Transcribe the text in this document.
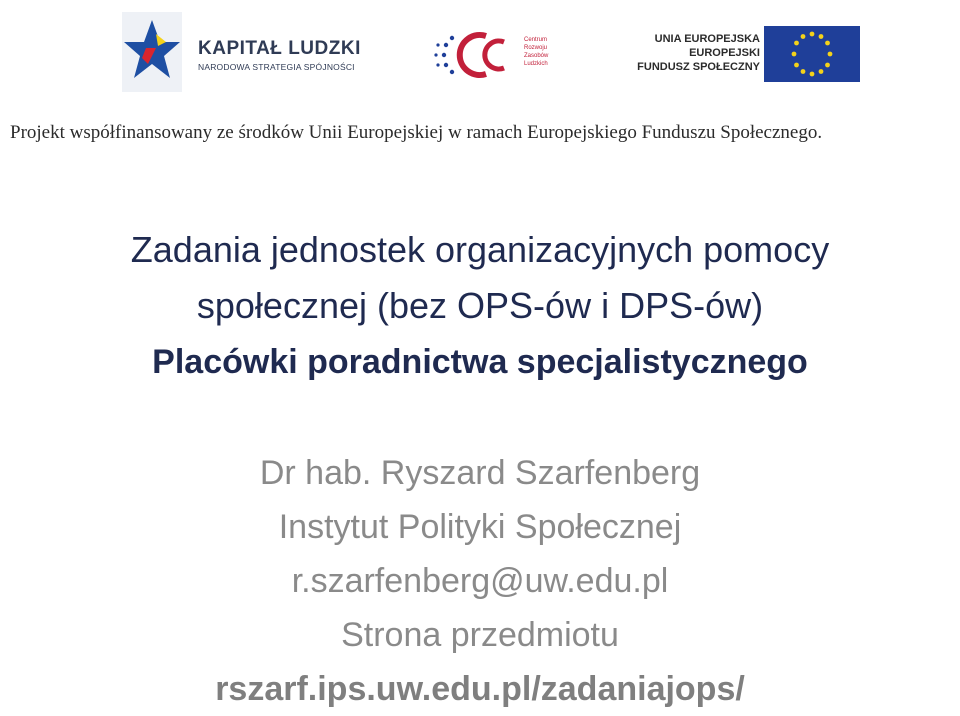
KAPITAŁ LUDZKI
NARODOWA STRATEGIA SPÓJNOŚCI
Centrum
Rozwoju
Zasobów
Ludzkich
UNIA EUROPEJSKA
EUROPEJSKI
FUNDUSZ SPOŁECZNY
Projekt współfinansowany ze środków Unii Europejskiej w ramach Europejskiego Funduszu Społecznego.
Zadania jednostek organizacyjnych pomocy
społecznej (bez OPS-ów i DPS-ów)
Placówki poradnictwa specjalistycznego
Dr hab. Ryszard Szarfenberg
Instytut Polityki Społecznej
r.szarfenberg@uw.edu.pl
Strona przedmiotu
rszarf.ips.uw.edu.pl/zadaniajops/
